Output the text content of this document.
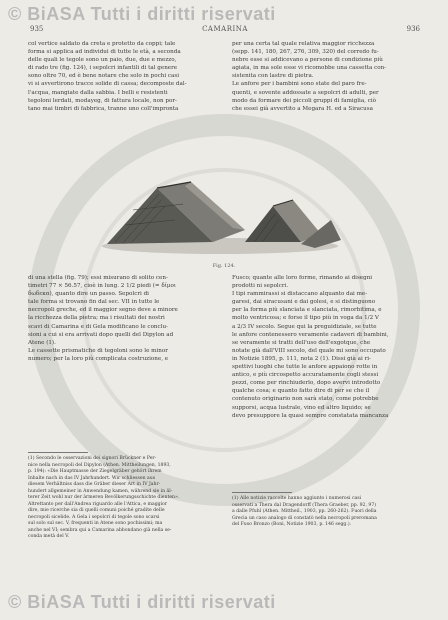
© BiASA Tutti i diritti riservati
935	CAMARINA	936

col vertice saldato da creta e protetto da coppi; tale

forma si applica ad individui di tutte le età, a seconda

delle quali le tegole sono un paio, due, due e mezzo,

di rado tre (fig. 124), i sepolcri infantili di tal genere

sono oltre 70, ed è bene notare che solo in pochi casi

vi si avvertirono tracce solide di cassa; decomposte dal-

l'acqua, mangiate dalla sabbia. I belli e resistenti

tegoloni lerdati, modayeg, di fattura locale, non por-

tano mai timbri di fabbrica, tranne uno coll'impronta

per una certa tal quale relativa maggior ricchezza

(sepp. 141, 180, 267, 276, 309, 320) del corredo fu-

nebre esse si addicevano a persone di condizione più

agiata, in ma sole esse vi ricomobbe una cassetta con-

sistenita con lastre di pietra.

Le anfore per i bambini sono state del paro fre-

quenti, e sovente addossate a sepolcri di adulti, per

modo da formare dei piccoli gruppi di famiglia, ciò

che essei già avvertito a Megara H. ed a Siracusa

Fig. 124.

di una stella (fig. 79); essi misurano di solito cen-

timetri 77 × 56.57, cioè in lung. 2 1/2 piedi (= δίμοι

δωδεκα), quanto dire un passo. Sepolcri di

tale forma si trovano fin dal sec. VII in tutte le

necropoli greche, ed il maggior segno deve a minore

la ricchezza della pietra; ma i risultati dei nostri

scavi di Camarina e di Gela modificano le conclu-

sioni a cui si era arrivati dopo quelli del Dipylon ad

Atene (1).

Le cassette prismatiche di tegoloni sono le minor

numero; per la loro più complicata costruzione, e

Fusco; quante alle loro forme, rimando ai disegni

prodotti ni sepolcri.

I tipi rammirassi si distaccano alquanto dai me-

garesi, dai siracusani e dai golesi, e si distinguono

per la forma più slanciata e slanciata, rimorbitima, e

molto ventricosa; e forse il tipo più in voga da 1/2 V

a 2/3 IV secolo. Segue qui la preguidiziale, se tutte

le anfore contenessero veramente cadaveri di bambini,

se veramente si tratti dell'uso dell'exgotque, che

notate già dall'VIII secolo, del quale mi sono occupato

in Notizie 1895, p. 111, nota 2 (1). Dissi già ai ri-

spettivi luoghi che tutte le anfore appaiono rotte in

antico, e più circospetto accuratamente cogli stessi

pezzi, come per rinchiuderlo, dopo avervi introdotto

qualche cosa; e quanto fatto dire di per se che il

contenuto originario non sarà stato, come potrebbe

supporsi, acqua lustrale, vino ed altro liquido; se

devo presuppore la quasi sempre constatata mancanza

(1) Secondo le osservazioni dei signori Brückner e Per-

nice nella necropoli del Dipylon (Athen. Mittheilungen, 1893,

p. 194): «Die Hauptmasse der Ziegelgräber gehört ihrem

Inhalte nach in das IV Jahrhundert. Wir schliessen aus

diesem Verhältniss dass die Gräber dieser Art in IV Jahr-

hundert allgemeiner in Anwendung kamen, während sie in äl-

terer Zeit wohl nur der ärmeren Bevölkerungsschichte dienten».

Altrettanto per dall'Andrea riguardo alle l'Attica, e maggior

dire, mie ricerche sia di quelli comuni poiché gradite delle

necropoli sicelide. A Gela i sepolcri di tegole sono scarsi

sul solo sul sec. V, frequenti in Atene sono pochissimi; ma

anche nel VI; sembra qui a Camarina abbondano già nella se-

conda metà del V.

(1) Alle notizie raccolte hanno aggiunto i numerosi casi

osservati a Thera dal Dragendorff (Thera Graeber, pp. 92, 97)

a dalle Pfuhl (Athen. Mittheil., 1903, pp. 260-262). Fuori della

Grecia un caso analogo di constatò nella necropoli preromana

del Fuso Bronzo (Boni, Notizie 1903, p. 146 segg.).

© BiASA Tutti i diritti riservati
